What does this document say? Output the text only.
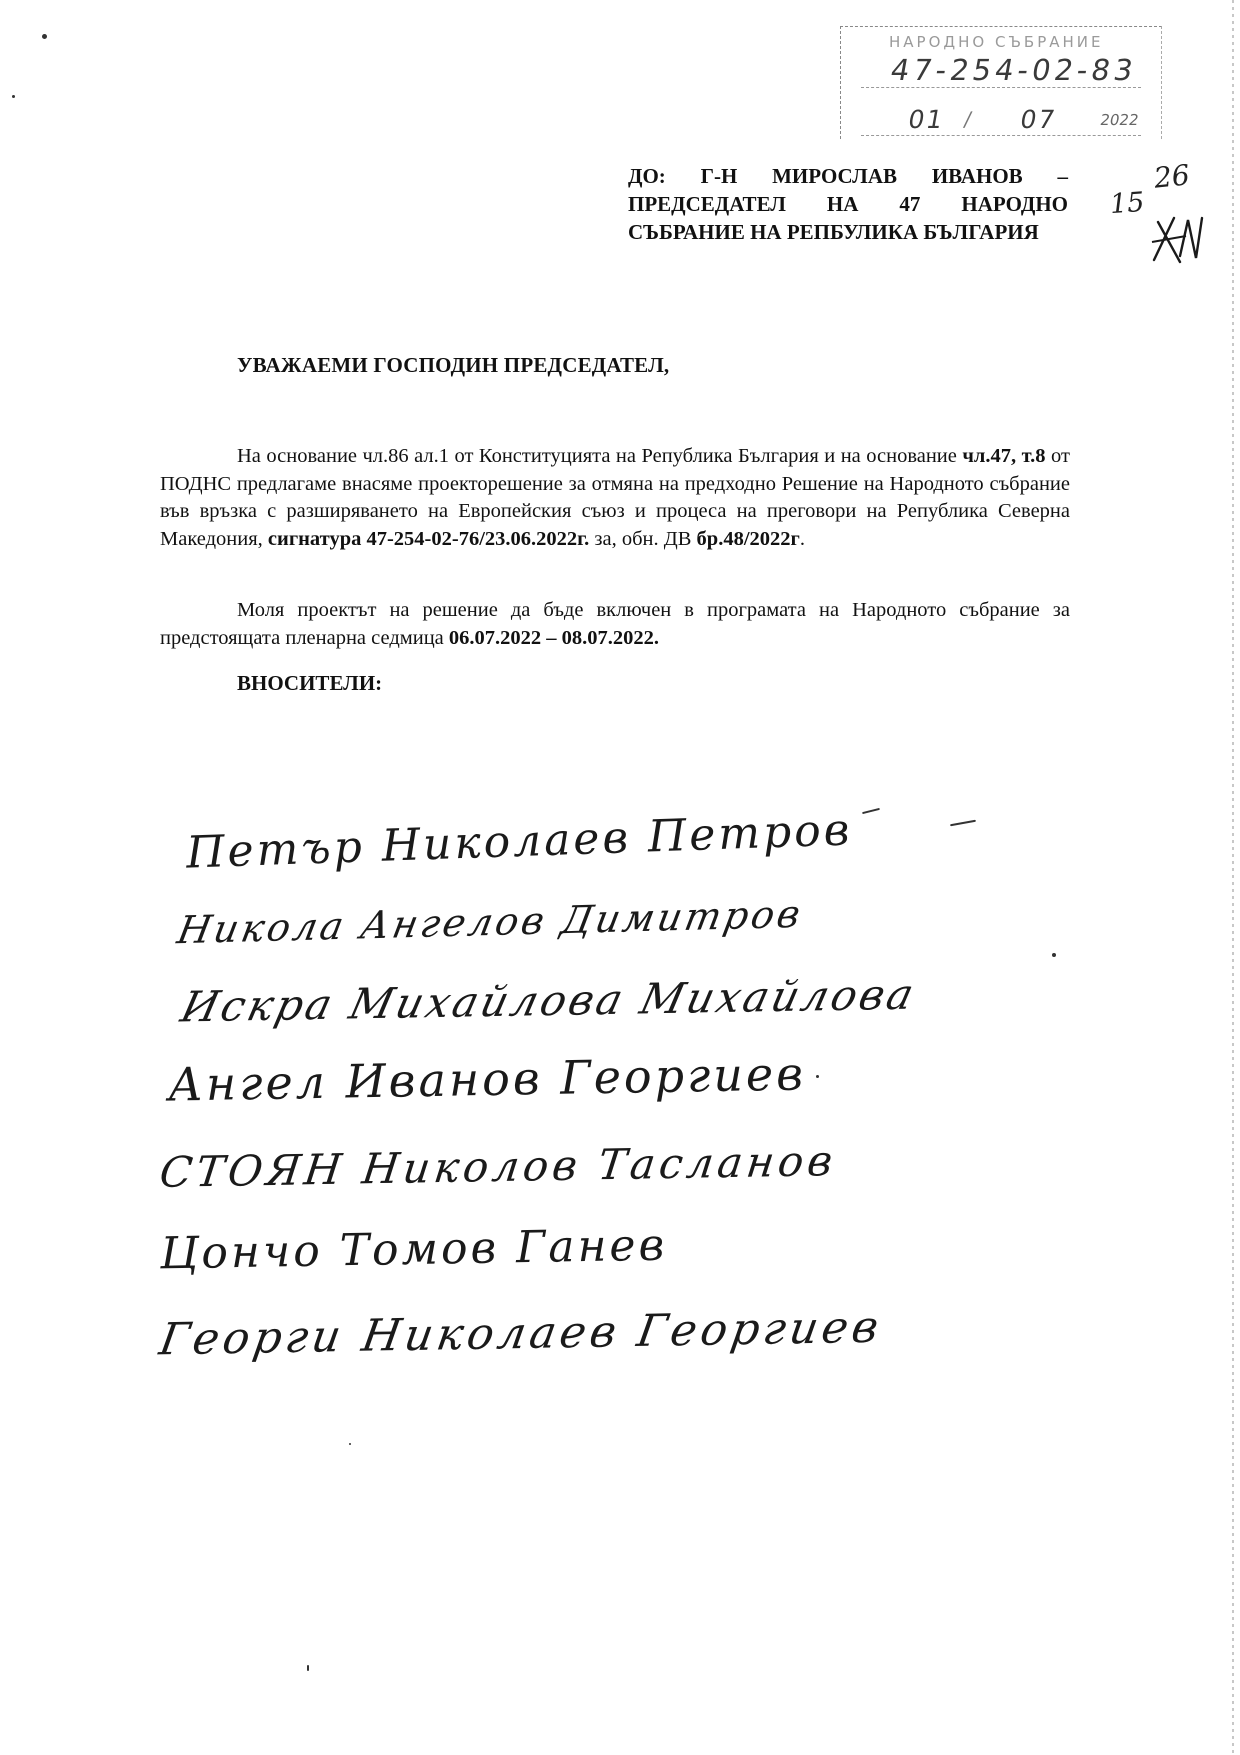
НАРОДНО СЪБРАНИЕ
47-254-02-83
01 / 07	2022
26
15
ДО: Г-Н МИРОСЛАВ ИВАНОВ –
ПРЕДСЕДАТЕЛ НА 47 НАРОДНО
СЪБРАНИЕ НА РЕПБУЛИКА БЪЛГАРИЯ
УВАЖАЕМИ ГОСПОДИН ПРЕДСЕДАТЕЛ,
На основание чл.86 ал.1 от Конституцията на Република България и на основание чл.47, т.8 от ПОДНС предлагаме внасяме проекторешение за отмяна на предходно Решение на Народното събрание във връзка с разширяването на Европейския съюз и процеса на преговори на Република Северна Македония, сигнатура 47-254-02-76/23.06.2022г. за, обн. ДВ бр.48/2022г.
Моля проектът на решение да бъде включен в програмата на Народното събрание за предстоящата пленарна седмица 06.07.2022 – 08.07.2022.
ВНОСИТЕЛИ:
Петър Николаев Петров
Никола Ангелов Димитров
Искра Михайлова Михайлова
Ангел Иванов Георгиев
СТОЯН Николов Тасланов
Цончо Томов Ганев
Георги Николаев Георгиев
